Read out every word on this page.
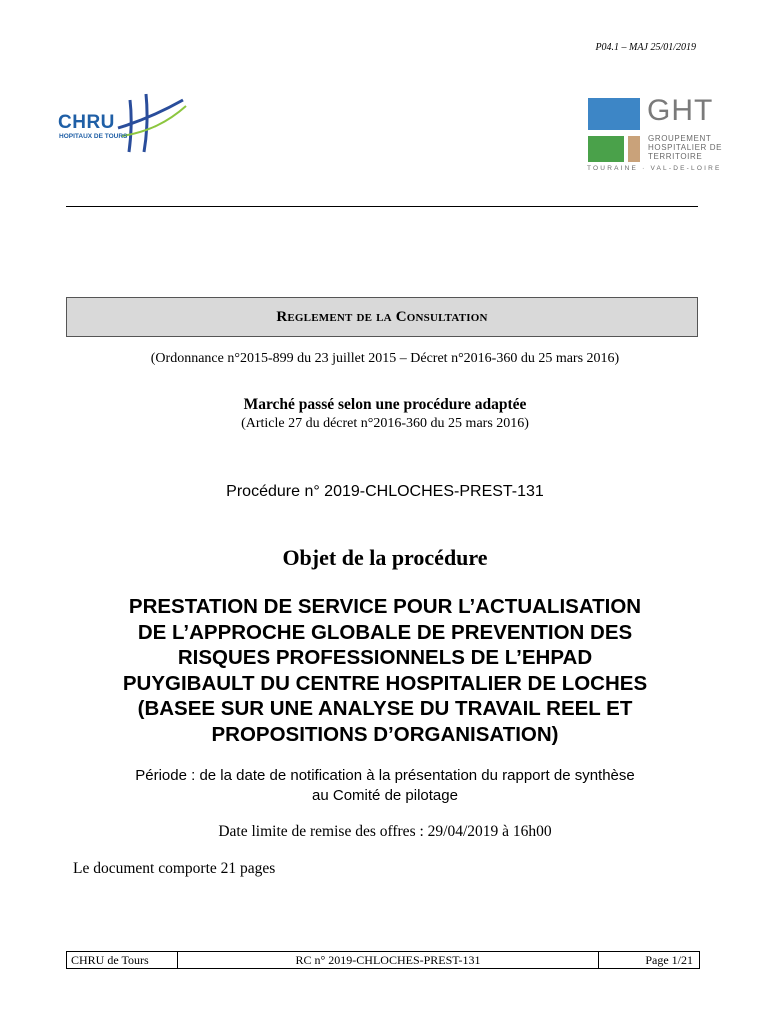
P04.1 – MAJ 25/01/2019
CHRU
HOPITAUX DE TOURS
GHT
GROUPEMENT
HOSPITALIER DE
TERRITOIRE
TOURAINE · VAL-DE-LOIRE
Reglement de la Consultation
(Ordonnance n°2015-899 du 23 juillet 2015 – Décret n°2016-360 du 25 mars 2016)
Marché passé selon une procédure adaptée
(Article 27 du décret n°2016-360 du 25 mars 2016)
Procédure n° 2019-CHLOCHES-PREST-131
Objet de la procédure
PRESTATION DE SERVICE POUR L’ACTUALISATION
DE L’APPROCHE GLOBALE DE PREVENTION DES
RISQUES PROFESSIONNELS DE L’EHPAD
PUYGIBAULT DU CENTRE HOSPITALIER DE LOCHES
(BASEE SUR UNE ANALYSE DU TRAVAIL REEL ET
PROPOSITIONS D’ORGANISATION)
Période : de la date de notification à la présentation du rapport de synthèse
au Comité de pilotage
Date limite de remise des offres : 29/04/2019 à 16h00
Le document comporte 21 pages
CHRU de Tours	RC n° 2019-CHLOCHES-PREST-131	Page 1/21
